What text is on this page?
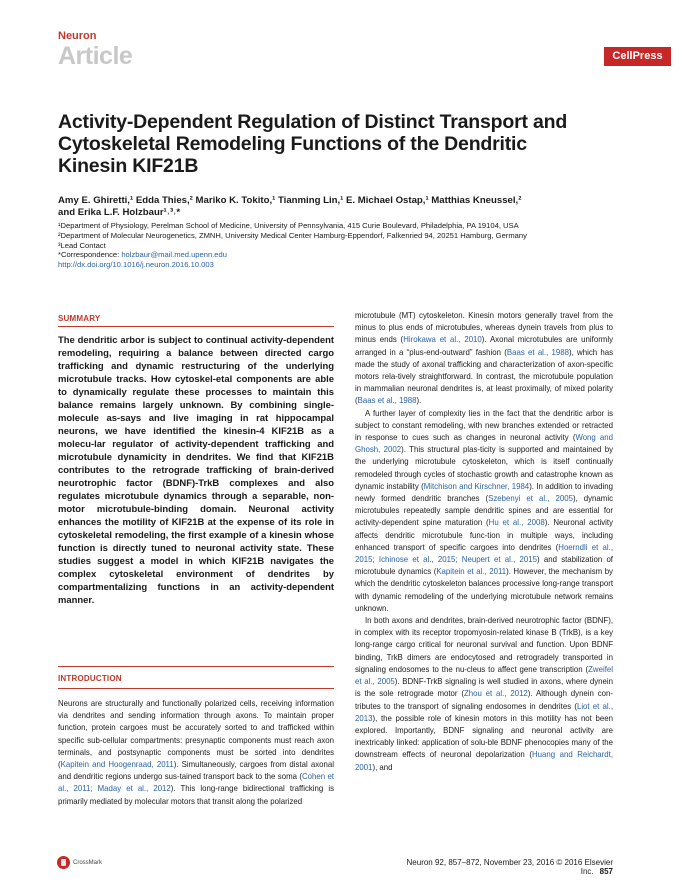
Neuron
Article	CellPress
Activity-Dependent Regulation of Distinct Transport and Cytoskeletal Remodeling Functions of the Dendritic Kinesin KIF21B
Amy E. Ghiretti,¹ Edda Thies,² Mariko K. Tokito,¹ Tianming Lin,¹ E. Michael Ostap,¹ Matthias Kneussel,²
and Erika L.F. Holzbaur¹˒³˒*
¹Department of Physiology, Perelman School of Medicine, University of Pennsylvania, 415 Curie Boulevard, Philadelphia, PA 19104, USA
²Department of Molecular Neurogenetics, ZMNH, University Medical Center Hamburg-Eppendorf, Falkenried 94, 20251 Hamburg, Germany
³Lead Contact
*Correspondence: holzbaur@mail.med.upenn.edu
http://dx.doi.org/10.1016/j.neuron.2016.10.003
SUMMARY

The dendritic arbor is subject to continual activity-dependent remodeling, requiring a balance between directed cargo trafficking and dynamic restructuring of the underlying microtubule tracks. How cytoskel-etal components are able to dynamically regulate these processes to maintain this balance remains largely unknown. By combining single-molecule as-says and live imaging in rat hippocampal neurons, we have identified the kinesin-4 KIF21B as a molecu-lar regulator of activity-dependent trafficking and microtubule dynamicity in dendrites. We find that KIF21B contributes to the retrograde trafficking of brain-derived neurotrophic factor (BDNF)-TrkB complexes and also regulates microtubule dynamics through a separable, non-motor microtubule-binding domain. Neuronal activity enhances the motility of KIF21B at the expense of its role in cytoskeletal remodeling, the first example of a kinesin whose function is directly tuned to neuronal activity state. These studies suggest a model in which KIF21B navigates the complex cytoskeletal environment of dendrites by compartmentalizing functions in an activity-dependent manner.

INTRODUCTION

Neurons are structurally and functionally polarized cells, receiving information via dendrites and sending information through axons. To maintain proper function, protein cargoes must be accurately sorted to and trafficked within specific sub-cellular compartments: presynaptic components must reach axon terminals, and postsynaptic components must be sorted into dendrites (Kapitein and Hoogenraad, 2011). Simultaneously, cargoes from distal axonal and dendritic regions undergo sus-tained transport back to the soma (Cohen et al., 2011; Maday et al., 2012). This long-range bidirectional trafficking is primarily mediated by molecular motors that transit along the polarized

microtubule (MT) cytoskeleton. Kinesin motors generally travel from the minus to plus ends of microtubules, whereas dynein travels from plus to minus ends (Hirokawa et al., 2010). Axonal microtubules are uniformly arranged in a “plus-end-outward” fashion (Baas et al., 1988), which has made the study of axonal trafficking and characterization of axon-specific motors rela-tively straightforward. In contrast, the microtubule population in mammalian neuronal dendrites is, at least proximally, of mixed polarity (Baas et al., 1988).

A further layer of complexity lies in the fact that the dendritic arbor is subject to constant remodeling, with new branches extended or retracted in response to cues such as changes in neuronal activity (Wong and Ghosh, 2002). This structural plas-ticity is supported and maintained by the underlying microtubule cytoskeleton, which is itself continually remodeled through cycles of stochastic growth and catastrophe known as dynamic instability (Mitchison and Kirschner, 1984). In addition to invading newly formed dendritic branches (Szebenyi et al., 2005), dynamic microtubules repeatedly sample dendritic spines and are essential for activity-dependent spine maturation (Hu et al., 2008). Neuronal activity affects dendritic microtubule func-tion in multiple ways, including enhanced transport of specific cargoes into dendrites (Hoerndli et al., 2015; Ichinose et al., 2015; Neupert et al., 2015) and stabilization of microtubule dynamics (Kapitein et al., 2011). However, the mechanism by which the dendritic cytoskeleton balances processive long-range transport with dynamic remodeling of the underlying microtubule network remains unknown.

In both axons and dendrites, brain-derived neurotrophic factor (BDNF), in complex with its receptor tropomyosin-related kinase B (TrkB), is a key long-range cargo critical for neuronal survival and function. Upon BDNF binding, TrkB dimers are endocytosed and retrogradely transported in signaling endosomes to the nu-cleus to affect gene transcription (Zweifel et al., 2005). BDNF-TrkB signaling is well studied in axons, where dynein is the sole retrograde motor (Zhou et al., 2012). Although dynein con-tributes to the transport of signaling endosomes in dendrites (Liot et al., 2013), the possible role of kinesin motors in this motility has not been explored. Importantly, BDNF signaling and neuronal activity are inextricably linked: application of solu-ble BDNF phenocopies many of the downstream effects of neuronal depolarization (Huang and Reichardt, 2001), and

CrossMark	Neuron 92, 857–872, November 23, 2016 © 2016 Elsevier Inc. 857
